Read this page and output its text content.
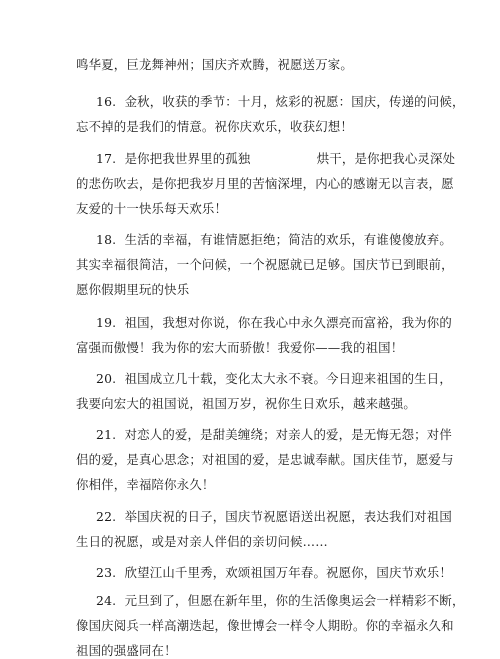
鸣华夏，巨龙舞神州；国庆齐欢腾，祝愿送万家。
16.  金秋，收获的季节：十月，炫彩的祝愿：国庆，传递的问候，
忘不掉的是我们的情意。祝你庆欢乐，收获幻想！
17.  是你把我世界里的孤独                烘干，是你把我心灵深处
的悲伤吹去，是你把我岁月里的苦恼深埋，内心的感谢无以言表，愿
友爱的十一快乐每天欢乐！
18.  生活的幸福，有谁情愿拒绝；简洁的欢乐，有谁傻傻放弃。
其实幸福很简洁，一个问候，一个祝愿就已足够。国庆节已到眼前，
愿你假期里玩的快乐
19.  祖国，我想对你说，你在我心中永久漂亮而富裕，我为你的
富强而傲慢！我为你的宏大而骄傲！我爱你——我的祖国！
20.  祖国成立几十载，变化太大永不衰。今日迎来祖国的生日，
我要向宏大的祖国说，祖国万岁，祝你生日欢乐，越来越强。
21.  对恋人的爱，是甜美缠绕；对亲人的爱，是无悔无怨；对伴
侣的爱，是真心思念；对祖国的爱，是忠诚奉献。国庆佳节，愿爱与
你相伴，幸福陪你永久！
22.  举国庆祝的日子，国庆节祝愿语送出祝愿，表达我们对祖国
生日的祝愿，或是对亲人伴侣的亲切问候……
23.  欣望江山千里秀，欢颂祖国万年春。祝愿你，国庆节欢乐！
24.  元旦到了，但愿在新年里，你的生活像奥运会一样精彩不断，
像国庆阅兵一样高潮迭起，像世博会一样令人期盼。你的幸福永久和
祖国的强盛同在！
